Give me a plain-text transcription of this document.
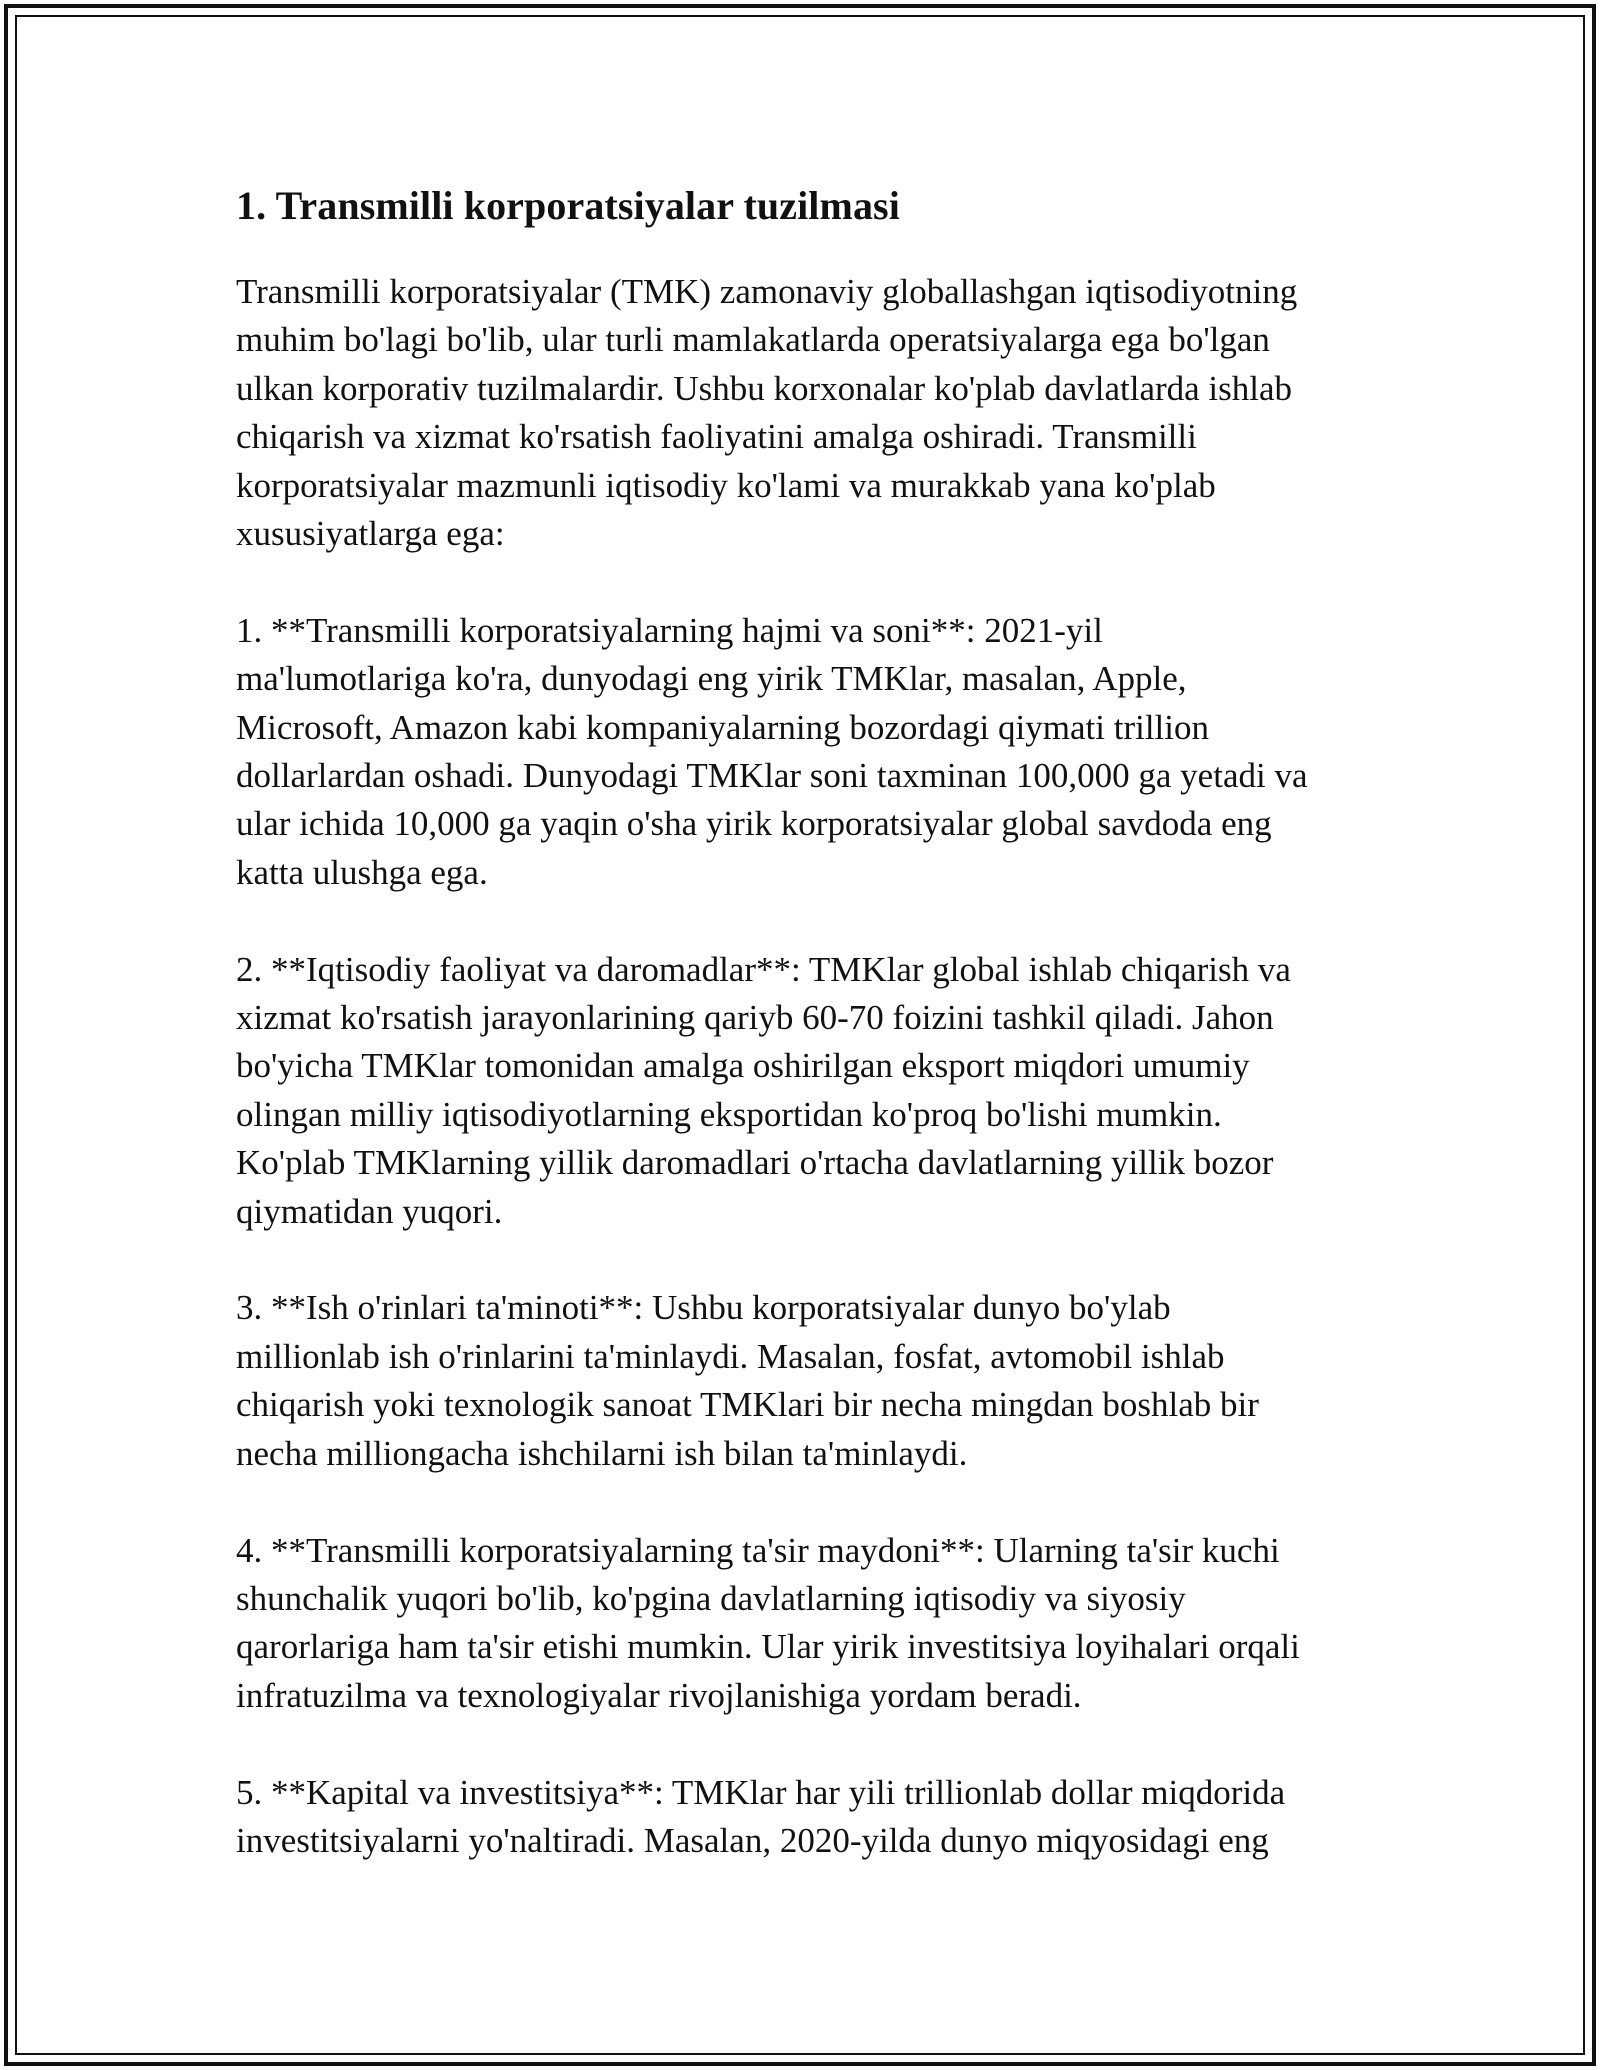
1. Transmilli korporatsiyalar tuzilmasi

Transmilli korporatsiyalar (TMK) zamonaviy globallashgan iqtisodiyotning
muhim bo'lagi bo'lib, ular turli mamlakatlarda operatsiyalarga ega bo'lgan
ulkan korporativ tuzilmalardir. Ushbu korxonalar ko'plab davlatlarda ishlab
chiqarish va xizmat ko'rsatish faoliyatini amalga oshiradi. Transmilli
korporatsiyalar mazmunli iqtisodiy ko'lami va murakkab yana ko'plab
xususiyatlarga ega:

1. **Transmilli korporatsiyalarning hajmi va soni**: 2021-yil
ma'lumotlariga ko'ra, dunyodagi eng yirik TMKlar, masalan, Apple,
Microsoft, Amazon kabi kompaniyalarning bozordagi qiymati trillion
dollarlardan oshadi. Dunyodagi TMKlar soni taxminan 100,000 ga yetadi va
ular ichida 10,000 ga yaqin o'sha yirik korporatsiyalar global savdoda eng
katta ulushga ega.

2. **Iqtisodiy faoliyat va daromadlar**: TMKlar global ishlab chiqarish va
xizmat ko'rsatish jarayonlarining qariyb 60-70 foizini tashkil qiladi. Jahon
bo'yicha TMKlar tomonidan amalga oshirilgan eksport miqdori umumiy
olingan milliy iqtisodiyotlarning eksportidan ko'proq bo'lishi mumkin.
Ko'plab TMKlarning yillik daromadlari o'rtacha davlatlarning yillik bozor
qiymatidan yuqori.

3. **Ish o'rinlari ta'minoti**: Ushbu korporatsiyalar dunyo bo'ylab
millionlab ish o'rinlarini ta'minlaydi. Masalan, fosfat, avtomobil ishlab
chiqarish yoki texnologik sanoat TMKlari bir necha mingdan boshlab bir
necha milliongacha ishchilarni ish bilan ta'minlaydi.

4. **Transmilli korporatsiyalarning ta'sir maydoni**: Ularning ta'sir kuchi
shunchalik yuqori bo'lib, ko'pgina davlatlarning iqtisodiy va siyosiy
qarorlariga ham ta'sir etishi mumkin. Ular yirik investitsiya loyihalari orqali
infratuzilma va texnologiyalar rivojlanishiga yordam beradi.

5. **Kapital va investitsiya**: TMKlar har yili trillionlab dollar miqdorida
investitsiyalarni yo'naltiradi. Masalan, 2020-yilda dunyo miqyosidagi eng
